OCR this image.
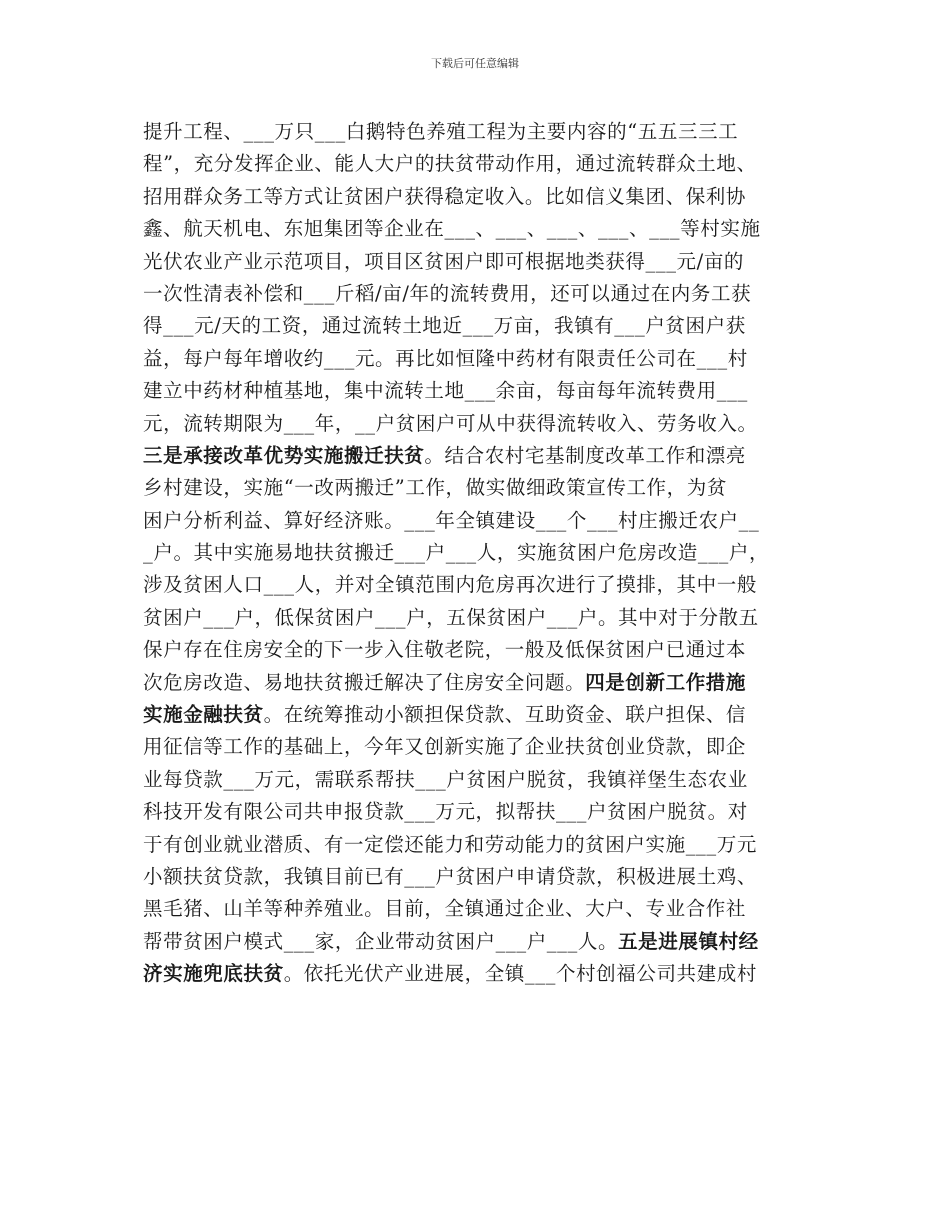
下载后可任意编辑
提升工程、___万只___白鹅特色养殖工程为主要内容的“五五三三工
程”，充分发挥企业、能人大户的扶贫带动作用，通过流转群众土地、
招用群众务工等方式让贫困户获得稳定收入。比如信义集团、保利协
鑫、航天机电、东旭集团等企业在___、___、___、___、___等村实施
光伏农业产业示范项目，项目区贫困户即可根据地类获得___元/亩的
一次性清表补偿和___斤稻/亩/年的流转费用，还可以通过在内务工获
得___元/天的工资，通过流转土地近___万亩，我镇有___户贫困户获
益，每户每年增收约___元。再比如恒隆中药材有限责任公司在___村
建立中药材种植基地，集中流转土地___余亩，每亩每年流转费用___
元，流转期限为___年，__户贫困户可从中获得流转收入、劳务收入。
三是承接改革优势实施搬迁扶贫。结合农村宅基制度改革工作和漂亮
乡村建设，实施“一改两搬迁”工作，做实做细政策宣传工作，为贫
困户分析利益、算好经济账。___年全镇建设___个___村庄搬迁农户__
_户。其中实施易地扶贫搬迁___户___人，实施贫困户危房改造___户，
涉及贫困人口___人，并对全镇范围内危房再次进行了摸排，其中一般
贫困户___户，低保贫困户___户，五保贫困户___户。其中对于分散五
保户存在住房安全的下一步入住敬老院，一般及低保贫困户已通过本
次危房改造、易地扶贫搬迁解决了住房安全问题。四是创新工作措施
实施金融扶贫。在统筹推动小额担保贷款、互助资金、联户担保、信
用征信等工作的基础上，今年又创新实施了企业扶贫创业贷款，即企
业每贷款___万元，需联系帮扶___户贫困户脱贫，我镇祥堡生态农业
科技开发有限公司共申报贷款___万元，拟帮扶___户贫困户脱贫。对
于有创业就业潜质、有一定偿还能力和劳动能力的贫困户实施___万元
小额扶贫贷款，我镇目前已有___户贫困户申请贷款，积极进展土鸡、
黑毛猪、山羊等种养殖业。目前，全镇通过企业、大户、专业合作社
帮带贫困户模式___家，企业带动贫困户___户___人。五是进展镇村经
济实施兜底扶贫。依托光伏产业进展，全镇___个村创福公司共建成村
